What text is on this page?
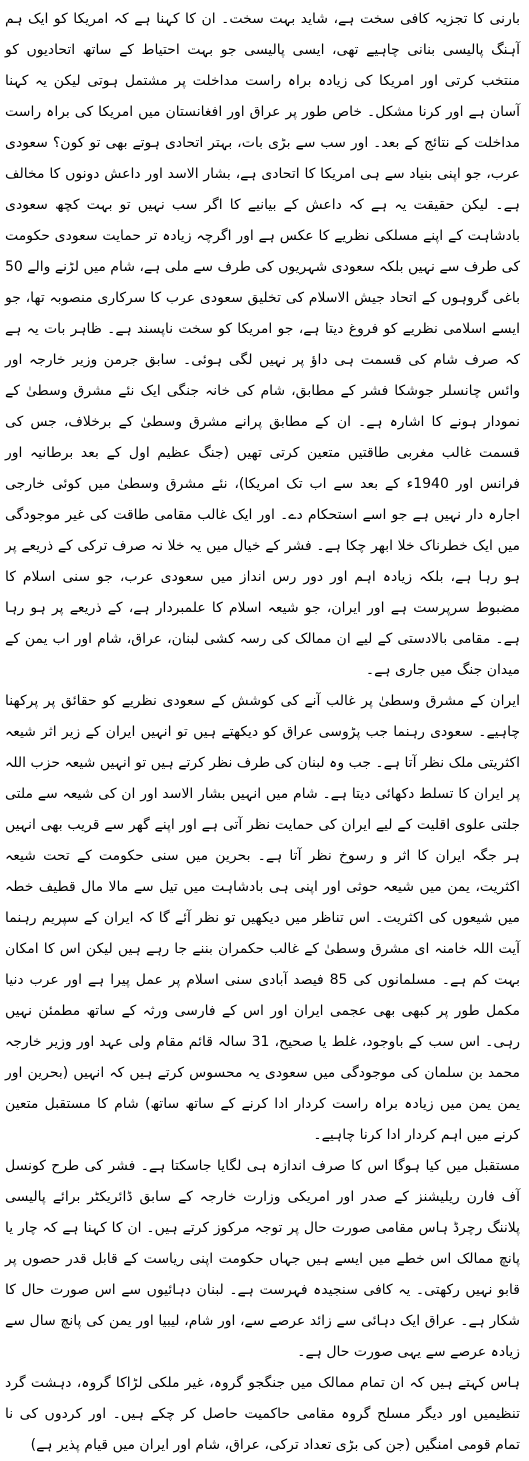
بارنی کا تجزیہ کافی سخت ہے، شاید بہت سخت۔ ان کا کہنا ہے کہ امریکا کو ایک ہم آہنگ پالیسی بنانی چاہیے تھی، ایسی پالیسی جو بہت احتیاط کے ساتھ اتحادیوں کو منتخب کرتی اور امریکا کی زیادہ براہ راست مداخلت پر مشتمل ہوتی لیکن یہ کہنا آسان ہے اور کرنا مشکل۔ خاص طور پر عراق اور افغانستان میں امریکا کی براہ راست مداخلت کے نتائج کے بعد۔ اور سب سے بڑی بات، بہتر اتحادی ہوتے بھی تو کون؟ سعودی عرب، جو اپنی بنیاد سے ہی امریکا کا اتحادی ہے، بشار الاسد اور داعش دونوں کا مخالف ہے۔ لیکن حقیقت یہ ہے کہ داعش کے بیانیے کا اگر سب نہیں تو بہت کچھ سعودی بادشاہت کے اپنے مسلکی نظریے کا عکس ہے اور اگرچہ زیادہ تر حمایت سعودی حکومت کی طرف سے نہیں بلکہ سعودی شہریوں کی طرف سے ملی ہے، شام میں لڑنے والے 50 باغی گروہوں کے اتحاد جیش الاسلام کی تخلیق سعودی عرب کا سرکاری منصوبہ تھا، جو ایسے اسلامی نظریے کو فروغ دیتا ہے، جو امریکا کو سخت ناپسند ہے۔ ظاہر بات یہ ہے کہ صرف شام کی قسمت ہی داؤ پر نہیں لگی ہوئی۔ سابق جرمن وزیر خارجہ اور وائس چانسلر جوشکا فشر کے مطابق، شام کی خانہ جنگی ایک نئے مشرق وسطیٰ کے نمودار ہونے کا اشارہ ہے۔ ان کے مطابق پرانے مشرق وسطیٰ کے برخلاف، جس کی قسمت غالب مغربی طاقتیں متعین کرتی تھیں (جنگ عظیم اول کے بعد برطانیہ اور فرانس اور 1940ء کے بعد سے اب تک امریکا)، نئے مشرق وسطیٰ میں کوئی خارجی اجارہ دار نہیں ہے جو اسے استحکام دے۔ اور ایک غالب مقامی طاقت کی غیر موجودگی میں ایک خطرناک خلا ابھر چکا ہے۔ فشر کے خیال میں یہ خلا نہ صرف ترکی کے ذریعے پر ہو رہا ہے، بلکہ زیادہ اہم اور دور رس انداز میں سعودی عرب، جو سنی اسلام کا مضبوط سرپرست ہے اور ایران، جو شیعہ اسلام کا علمبردار ہے، کے ذریعے پر ہو رہا ہے۔ مقامی بالادستی کے لیے ان ممالک کی رسہ کشی لبنان، عراق، شام اور اب یمن کے میدان جنگ میں جاری ہے۔

ایران کے مشرق وسطیٰ پر غالب آنے کی کوشش کے سعودی نظریے کو حقائق پر پرکھنا چاہیے۔ سعودی رہنما جب پڑوسی عراق کو دیکھتے ہیں تو انہیں ایران کے زیر اثر شیعہ اکثریتی ملک نظر آتا ہے۔ جب وہ لبنان کی طرف نظر کرتے ہیں تو انہیں شیعہ حزب اللہ پر ایران کا تسلط دکھائی دیتا ہے۔ شام میں انہیں بشار الاسد اور ان کی شیعہ سے ملتی جلتی علوی اقلیت کے لیے ایران کی حمایت نظر آتی ہے اور اپنے گھر سے قریب بھی انہیں ہر جگہ ایران کا اثر و رسوخ نظر آتا ہے۔ بحرین میں سنی حکومت کے تحت شیعہ اکثریت، یمن میں شیعہ حوثی اور اپنی ہی بادشاہت میں تیل سے مالا مال قطیف خطہ میں شیعوں کی اکثریت۔ اس تناظر میں دیکھیں تو نظر آئے گا کہ ایران کے سپریم رہنما آیت اللہ خامنہ ای مشرق وسطیٰ کے غالب حکمران بننے جا رہے ہیں لیکن اس کا امکان بہت کم ہے۔ مسلمانوں کی 85 فیصد آبادی سنی اسلام پر عمل پیرا ہے اور عرب دنیا مکمل طور پر کبھی بھی عجمی ایران اور اس کے فارسی ورثہ کے ساتھ مطمئن نہیں رہی۔ اس سب کے باوجود، غلط یا صحیح، 31 سالہ قائم مقام ولی عہد اور وزیر خارجہ محمد بن سلمان کی موجودگی میں سعودی یہ محسوس کرتے ہیں کہ انہیں (بحرین اور یمن یمن میں زیادہ براہ راست کردار ادا کرنے کے ساتھ ساتھ) شام کا مستقبل متعین کرنے میں اہم کردار ادا کرنا چاہیے۔

مستقبل میں کیا ہوگا اس کا صرف اندازہ ہی لگایا جاسکتا ہے۔ فشر کی طرح کونسل آف فارن ریلیشنز کے صدر اور امریکی وزارت خارجہ کے سابق ڈائریکٹر برائے پالیسی پلاننگ رچرڈ ہاس مقامی صورت حال پر توجہ مرکوز کرتے ہیں۔ ان کا کہنا ہے کہ چار یا پانچ ممالک اس خطے میں ایسے ہیں جہاں حکومت اپنی ریاست کے قابل قدر حصوں پر قابو نہیں رکھتی۔ یہ کافی سنجیدہ فہرست ہے۔ لبنان دہائیوں سے اس صورت حال کا شکار ہے۔ عراق ایک دہائی سے زائد عرصے سے، اور شام، لیبیا اور یمن کی پانچ سال سے زیادہ عرصے سے یہی صورت حال ہے۔

ہاس کہتے ہیں کہ ان تمام ممالک میں جنگجو گروہ، غیر ملکی لڑاکا گروہ، دہشت گرد تنظیمیں اور دیگر مسلح گروہ مقامی حاکمیت حاصل کر چکے ہیں۔ اور کردوں کی نا تمام قومی امنگیں (جن کی بڑی تعداد ترکی، عراق، شام اور ایران میں قیام پذیر ہے)
